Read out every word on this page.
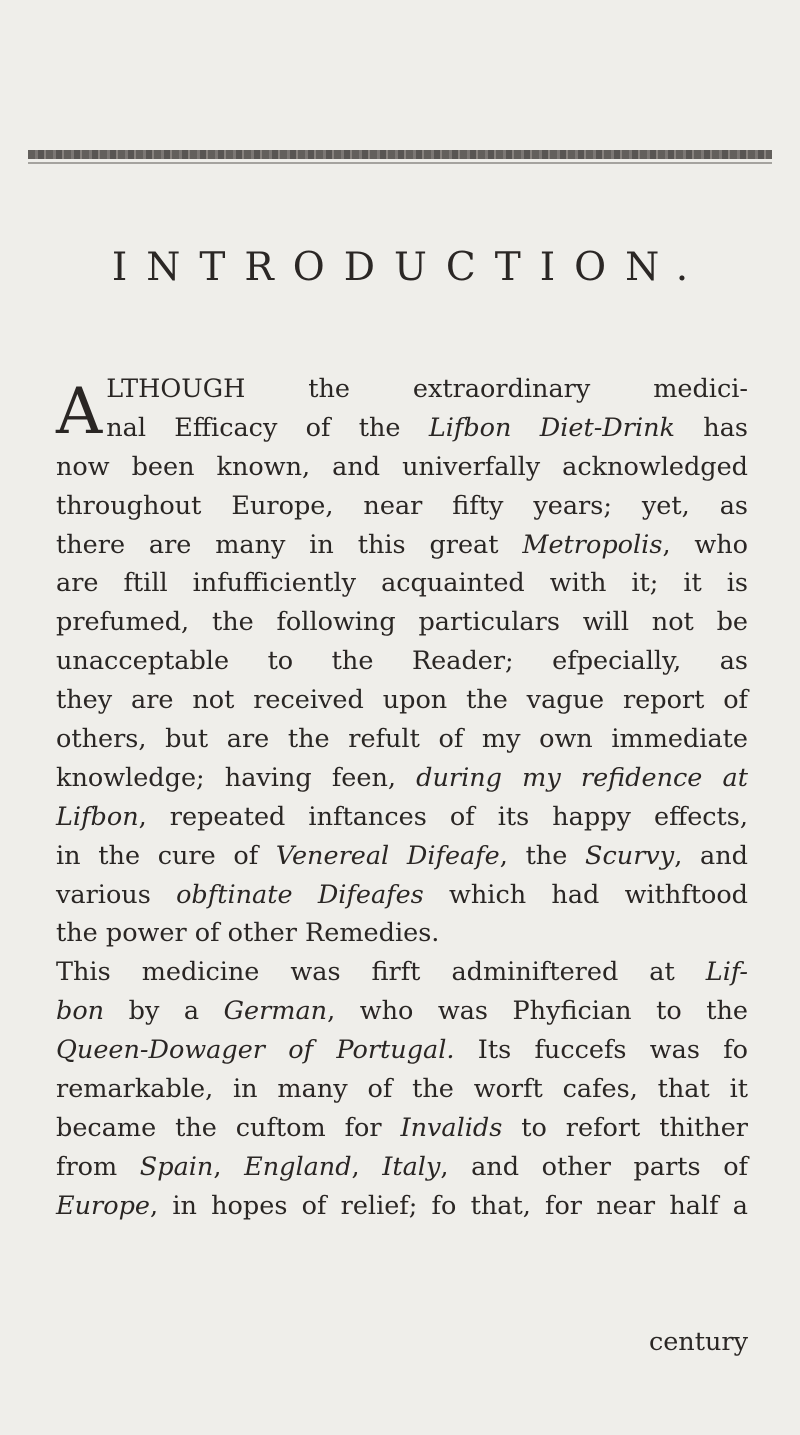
INTRODUCTION.
A LTHOUGH the extraordinary medici-
nal Efficacy of the Lifbon Diet-Drink has
now been known, and univerfally acknowledged
throughout Europe, near fifty years; yet, as
there are many in this great Metropolis, who
are ftill infufficiently acquainted with it; it is
prefumed, the following particulars will not be
unacceptable to the Reader; efpecially, as
they are not received upon the vague report of
others, but are the refult of my own immediate
knowledge; having feen, during my refidence at
Lifbon, repeated inftances of its happy effects,
in the cure of Venereal Difeafe, the Scurvy, and
various obftinate Difeafes which had withftood
the power of other Remedies.
This medicine was firft adminiftered at Lif-
bon by a German, who was Phyfician to the
Queen-Dowager of Portugal. Its fuccefs was fo
remarkable, in many of the worft cafes, that it
became the cuftom for Invalids to refort thither
from Spain, England, Italy, and other parts of
Europe, in hopes of relief; fo that, for near half a
century
